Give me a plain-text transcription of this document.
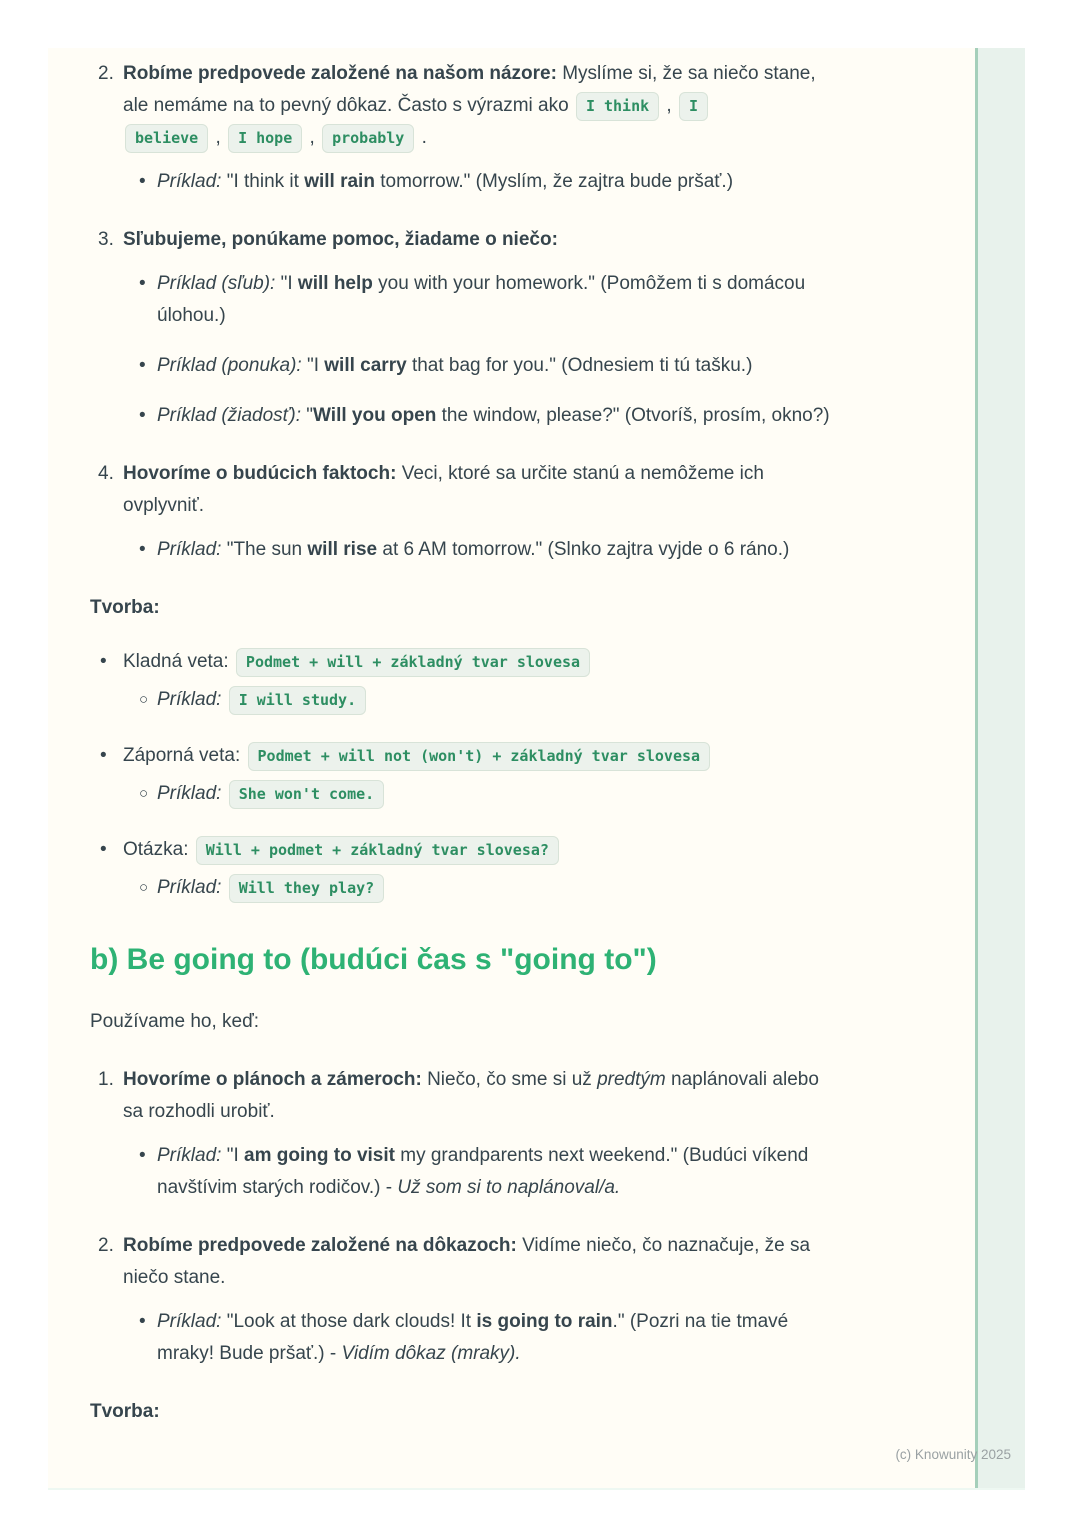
2. Robíme predpovede založené na našom názore: Myslíme si, že sa niečo stane, ale nemáme na to pevný dôkaz. Často s výrazmi ako I think , I
believe , I hope , probably .
• Príklad: "I think it will rain tomorrow." (Myslím, že zajtra bude pršať.)
3. Sľubujeme, ponúkame pomoc, žiadame o niečo:
• Príklad (sľub): "I will help you with your homework." (Pomôžem ti s domácou úlohou.)
• Príklad (ponuka): "I will carry that bag for you." (Odnesiem ti tú tašku.)
• Príklad (žiadosť): "Will you open the window, please?" (Otvoríš, prosím, okno?)
4. Hovoríme o budúcich faktoch: Veci, ktoré sa určite stanú a nemôžeme ich ovplyvniť.
• Príklad: "The sun will rise at 6 AM tomorrow." (Slnko zajtra vyjde o 6 ráno.)
Tvorba:
• Kladná veta: Podmet + will + základný tvar slovesa
○ Príklad: I will study.
• Záporná veta: Podmet + will not (won't) + základný tvar slovesa
○ Príklad: She won't come.
• Otázka: Will + podmet + základný tvar slovesa?
○ Príklad: Will they play?
b) Be going to (budúci čas s "going to")

Používame ho, keď:

1. Hovoríme o plánoch a zámeroch: Niečo, čo sme si už predtým naplánovali alebo sa rozhodli urobiť.
• Príklad: "I am going to visit my grandparents next weekend." (Budúci víkend navštívim starých rodičov.) - Už som si to naplánoval/a.
2. Robíme predpovede založené na dôkazoch: Vidíme niečo, čo naznačuje, že sa niečo stane.
• Príklad: "Look at those dark clouds! It is going to rain." (Pozri na tie tmavé mraky! Bude pršať.) - Vidím dôkaz (mraky).
Tvorba:
(c) Knowunity 2025
